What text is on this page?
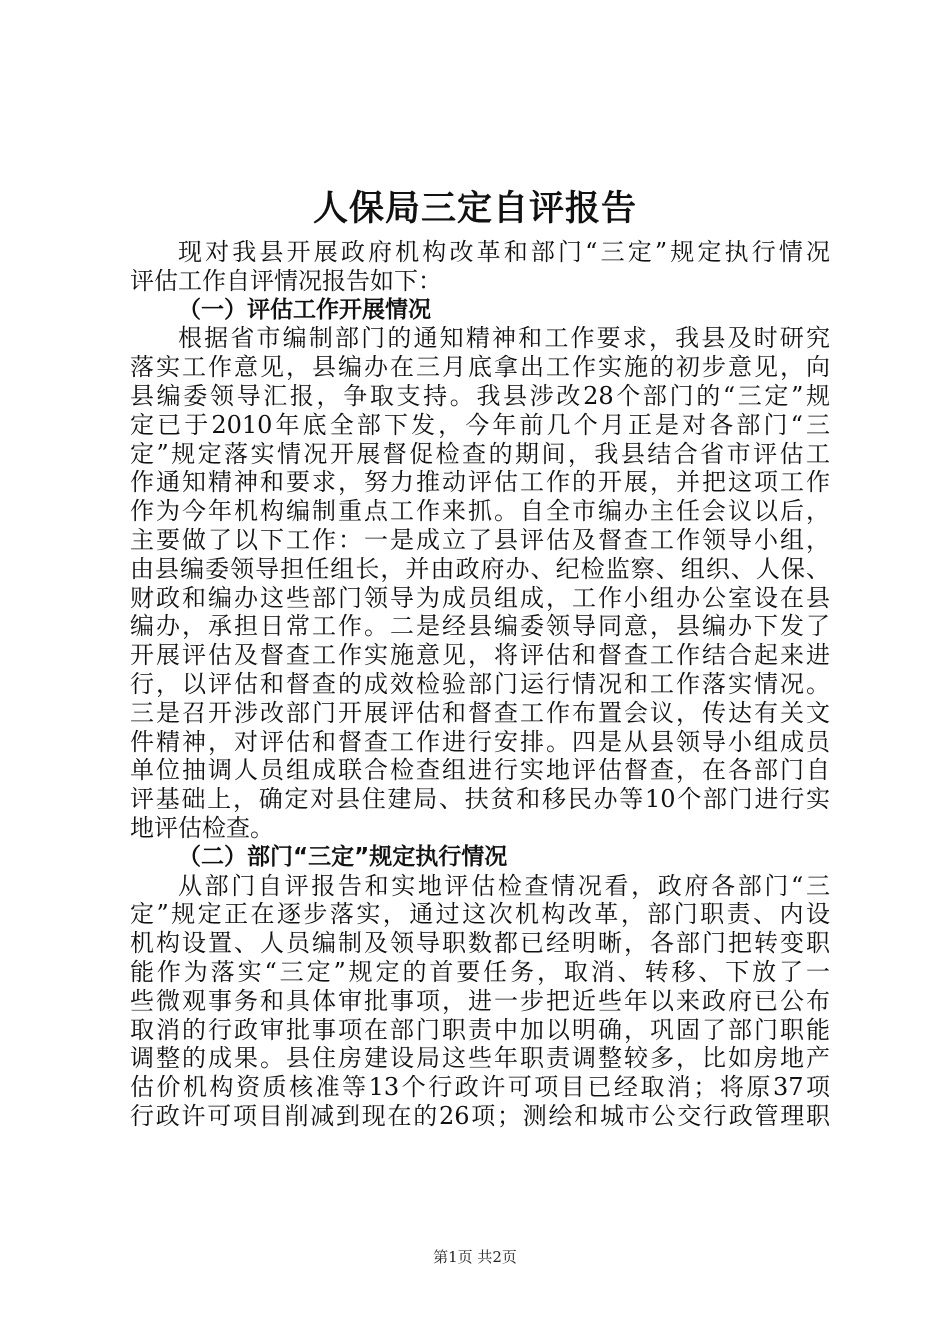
人保局三定自评报告
现对我县开展政府机构改革和部门“三定”规定执行情况
评估工作自评情况报告如下：
（一）评估工作开展情况
根据省市编制部门的通知精神和工作要求，我县及时研究
落实工作意见，县编办在三月底拿出工作实施的初步意见，向
县编委领导汇报，争取支持。我县涉改28个部门的“三定”规
定已于2010年底全部下发，今年前几个月正是对各部门“三
定”规定落实情况开展督促检查的期间，我县结合省市评估工
作通知精神和要求，努力推动评估工作的开展，并把这项工作
作为今年机构编制重点工作来抓。自全市编办主任会议以后，
主要做了以下工作：一是成立了县评估及督查工作领导小组，
由县编委领导担任组长，并由政府办、纪检监察、组织、人保、
财政和编办这些部门领导为成员组成，工作小组办公室设在县
编办，承担日常工作。二是经县编委领导同意，县编办下发了
开展评估及督查工作实施意见，将评估和督查工作结合起来进
行，以评估和督查的成效检验部门运行情况和工作落实情况。
三是召开涉改部门开展评估和督查工作布置会议，传达有关文
件精神，对评估和督查工作进行安排。四是从县领导小组成员
单位抽调人员组成联合检查组进行实地评估督查，在各部门自
评基础上，确定对县住建局、扶贫和移民办等10个部门进行实
地评估检查。
（二）部门“三定”规定执行情况
从部门自评报告和实地评估检查情况看，政府各部门“三
定”规定正在逐步落实，通过这次机构改革，部门职责、内设
机构设置、人员编制及领导职数都已经明晰，各部门把转变职
能作为落实“三定”规定的首要任务，取消、转移、下放了一
些微观事务和具体审批事项，进一步把近些年以来政府已公布
取消的行政审批事项在部门职责中加以明确，巩固了部门职能
调整的成果。县住房建设局这些年职责调整较多，比如房地产
估价机构资质核准等13个行政许可项目已经取消；将原37项
行政许可项目削减到现在的26项；测绘和城市公交行政管理职
第1页 共2页
